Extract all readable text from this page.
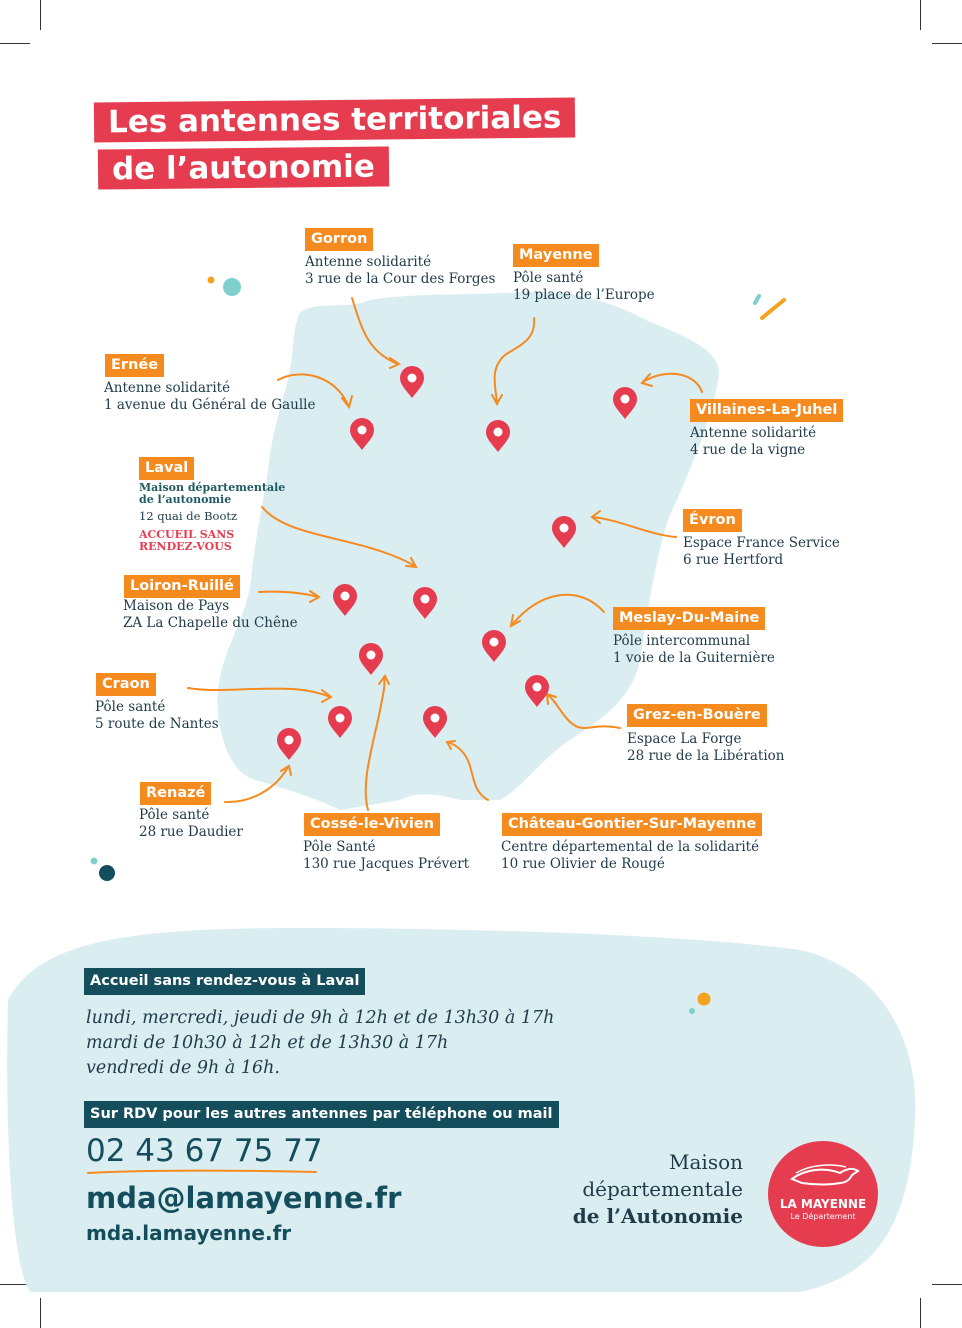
Les antennes territoriales
de l’autonomie
Gorron
Antenne solidarité
3 rue de la Cour des Forges
Mayenne
Pôle santé
19 place de l’Europe
Ernée
Antenne solidarité
1 avenue du Général de Gaulle	Villaines-La-Juhel
Antenne solidarité
4 rue de la vigne
Laval
Maison départementale
de l’autonomie
12 quai de Bootz
ACCUEIL SANS
RENDEZ-VOUS
Évron
Espace France Service
6 rue Hertford
Loiron-Ruillé
Maison de Pays
ZA La Chapelle du Chêne	Meslay-Du-Maine
Pôle intercommunal
1 voie de la Guiternière
Craon
Pôle santé
5 route de Nantes
Grez-en-Bouère
Espace La Forge
28 rue de la Libération
Renazé
Pôle santé
28 rue Daudier	Cossé-le-Vivien
Pôle Santé
130 rue Jacques Prévert
Château-Gontier-Sur-Mayenne
Centre départemental de la solidarité
10 rue Olivier de Rougé
Accueil sans rendez-vous à Laval
lundi, mercredi, jeudi de 9h à 12h et de 13h30 à 17h
mardi de 10h30 à 12h et de 13h30 à 17h
vendredi de 9h à 16h.
Sur RDV pour les autres antennes par téléphone ou mail
02 43 67 75 77
mda@lamayenne.fr
mda.lamayenne.fr
Maison
départementale
de l’Autonomie	LA MAYENNE
Le Département
